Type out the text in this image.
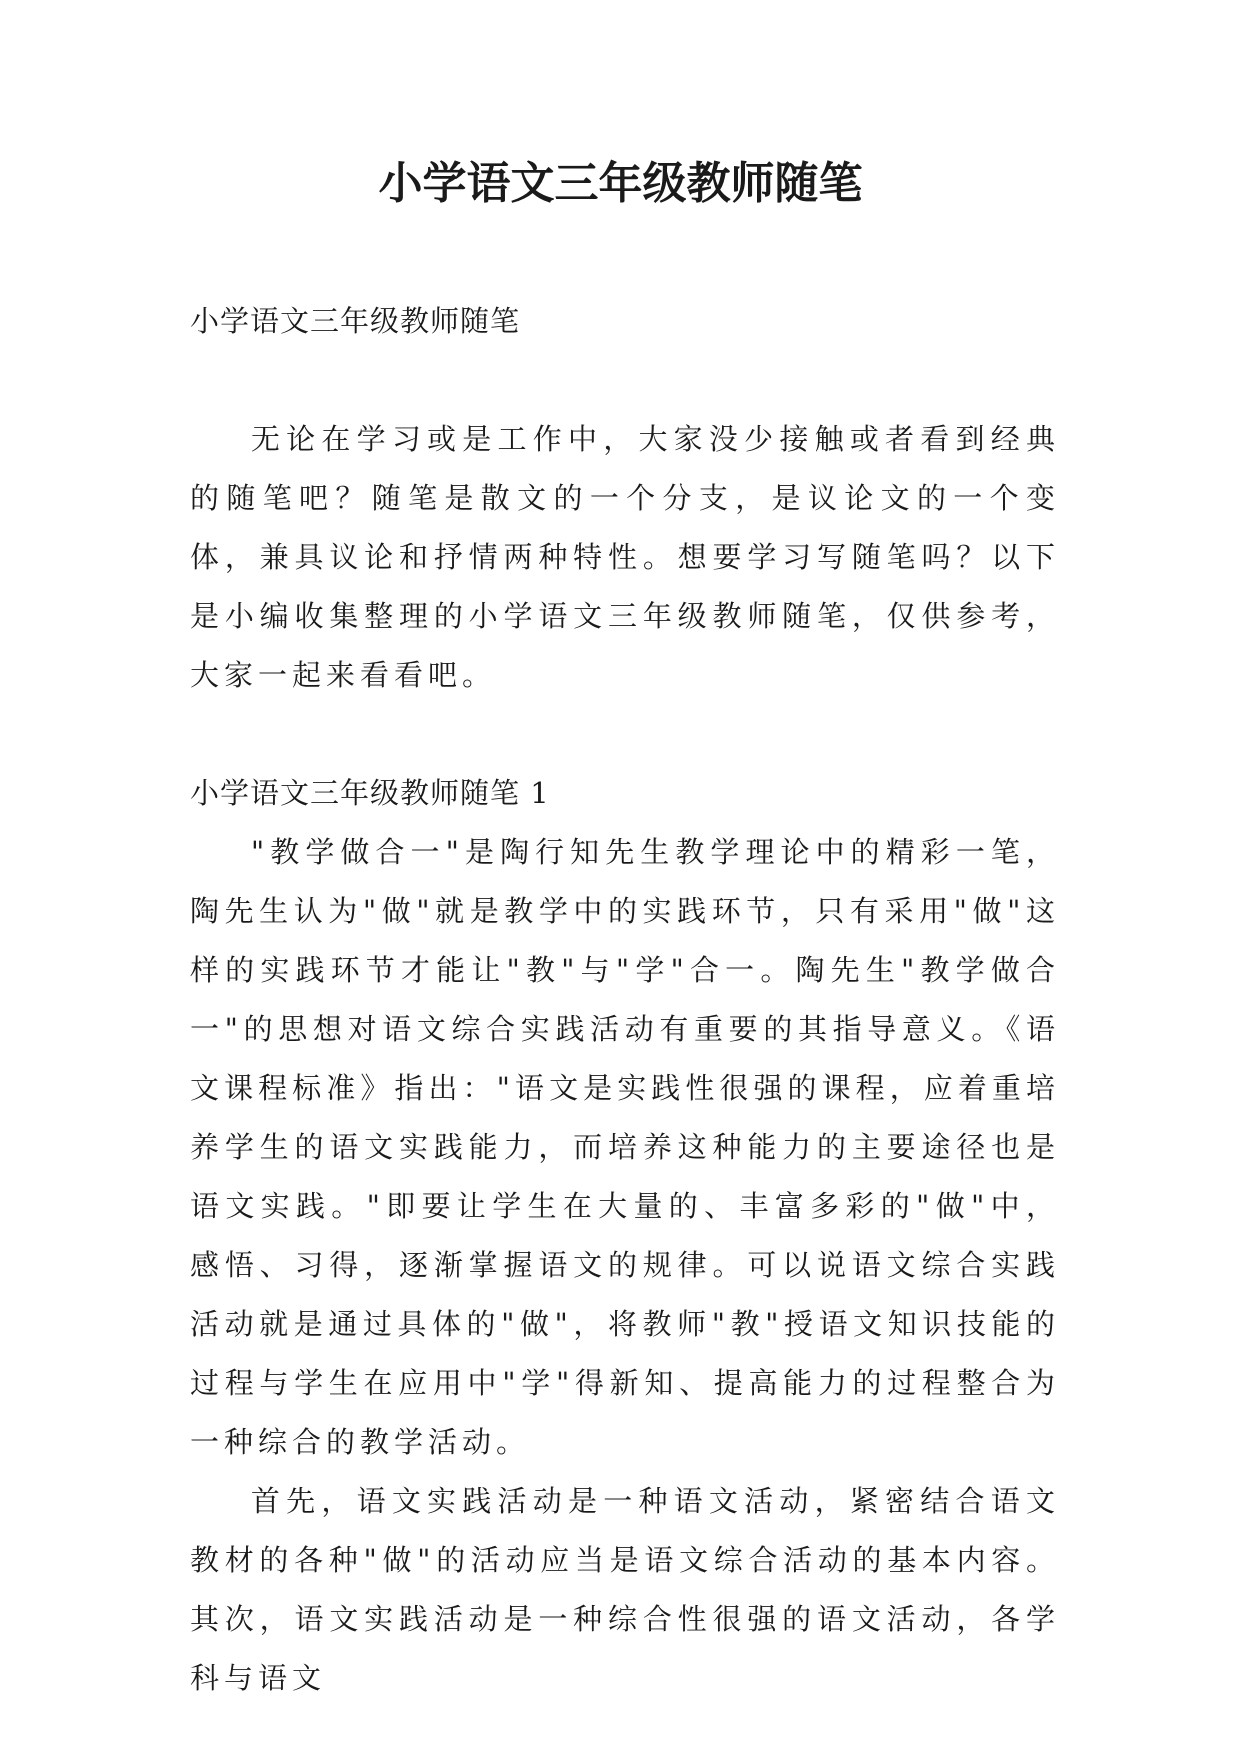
小学语文三年级教师随笔

小学语文三年级教师随笔

无论在学习或是工作中，大家没少接触或者看到经典的随笔吧？随笔是散文的一个分支，是议论文的一个变体，兼具议论和抒情两种特性。想要学习写随笔吗？以下是小编收集整理的小学语文三年级教师随笔，仅供参考，大家一起来看看吧。

小学语文三年级教师随笔 1

"教学做合一"是陶行知先生教学理论中的精彩一笔，陶先生认为"做"就是教学中的实践环节，只有采用"做"这样的实践环节才能让"教"与"学"合一。陶先生"教学做合一"的思想对语文综合实践活动有重要的其指导意义。《语文课程标准》指出："语文是实践性很强的课程，应着重培养学生的语文实践能力，而培养这种能力的主要途径也是语文实践。"即要让学生在大量的、丰富多彩的"做"中，感悟、习得，逐渐掌握语文的规律。可以说语文综合实践活动就是通过具体的"做"，将教师"教"授语文知识技能的过程与学生在应用中"学"得新知、提高能力的过程整合为一种综合的教学活动。

首先，语文实践活动是一种语文活动，紧密结合语文教材的各种"做"的活动应当是语文综合活动的基本内容。其次，语文实践活动是一种综合性很强的语文活动，各学科与语文
